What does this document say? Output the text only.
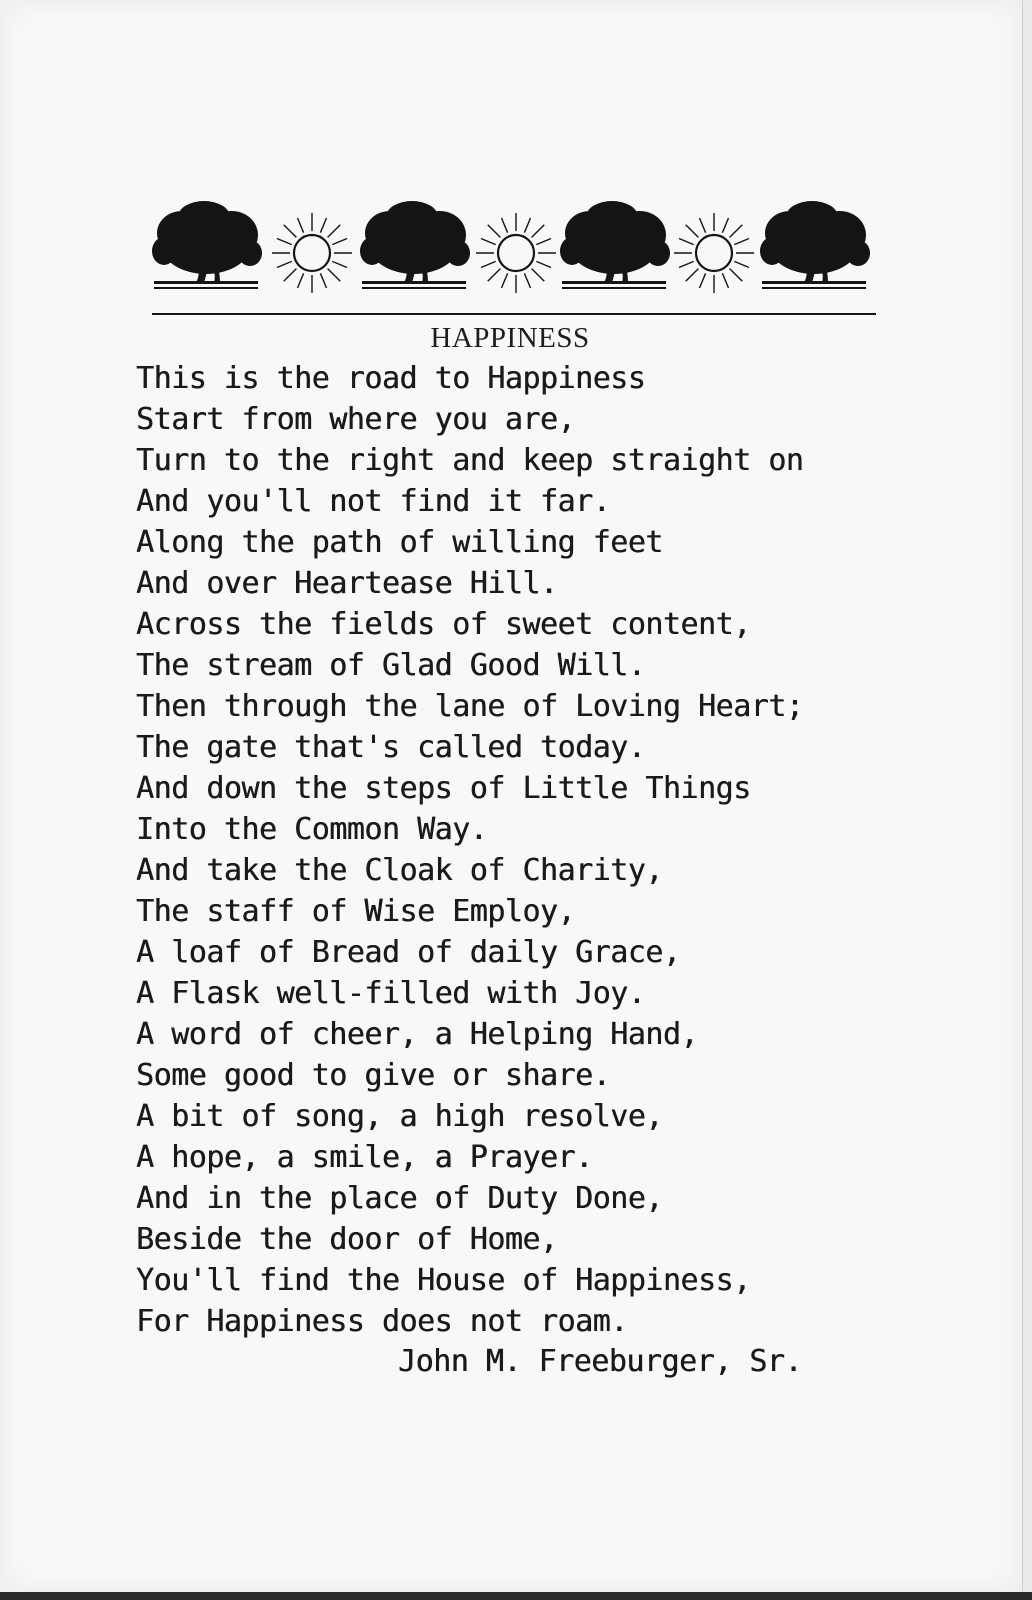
HAPPINESS
This is the road to Happiness
Start from where you are,
Turn to the right and keep straight on
And you'll not find it far.
Along the path of willing feet
And over Heartease Hill.
Across the fields of sweet content,
The stream of Glad Good Will.
Then through the lane of Loving Heart;
The gate that's called today.
And down the steps of Little Things
Into the Common Way.
And take the Cloak of Charity,
The staff of Wise Employ,
A loaf of Bread of daily Grace,
A Flask well-filled with Joy.
A word of cheer, a Helping Hand,
Some good to give or share.
A bit of song, a high resolve,
A hope, a smile, a Prayer.
And in the place of Duty Done,
Beside the door of Home,
You'll find the House of Happiness,
For Happiness does not roam.
John M. Freeburger, Sr.
